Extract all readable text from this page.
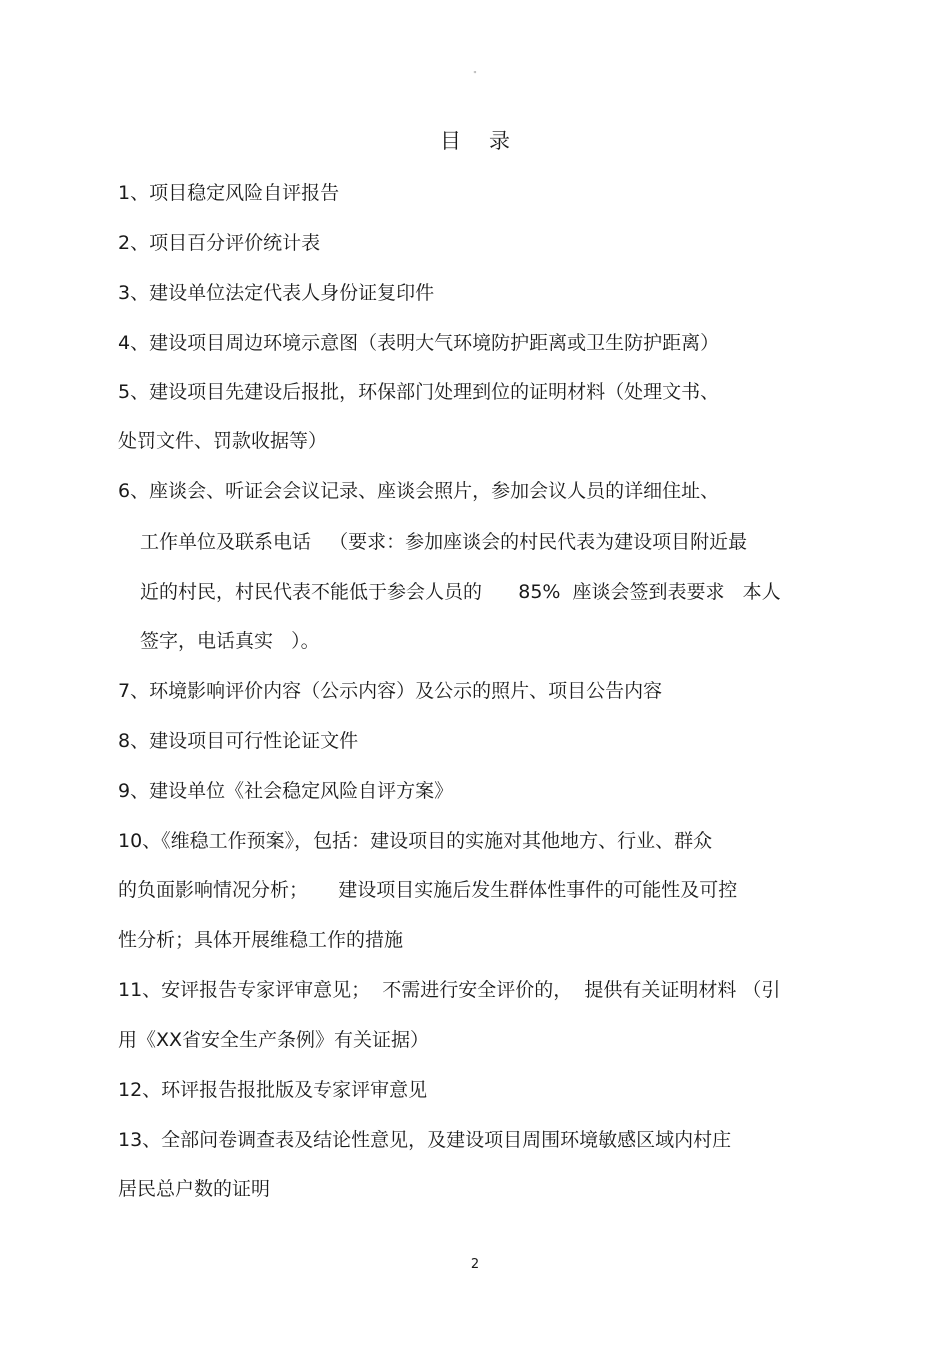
"
目录
1、项目稳定风险自评报告
2、项目百分评价统计表
3、建设单位法定代表人身份证复印件
4、建设项目周边环境示意图（表明大气环境防护距离或卫生防护距离）
5、建设项目先建设后报批，环保部门处理到位的证明材料（处理文书、
处罚文件、罚款收据等）
6、座谈会、听证会会议记录、座谈会照片，参加会议人员的详细住址、
工作单位及联系电话   （要求：参加座谈会的村民代表为建设项目附近最
近的村民，村民代表不能低于参会人员的      85%  座谈会签到表要求   本人
签字，电话真实   ）。
7、环境影响评价内容（公示内容）及公示的照片、项目公告内容
8、建设项目可行性论证文件
9、建设单位《社会稳定风险自评方案》
10、《维稳工作预案》，包括：建设项目的实施对其他地方、行业、群众
的负面影响情况分析；     建设项目实施后发生群体性事件的可能性及可控
性分析；具体开展维稳工作的措施
11、安评报告专家评审意见；  不需进行安全评价的，  提供有关证明材料 （引
用《XX省安全生产条例》有关证据）
12、环评报告报批版及专家评审意见
13、全部问卷调查表及结论性意见，及建设项目周围环境敏感区域内村庄
居民总户数的证明
2
